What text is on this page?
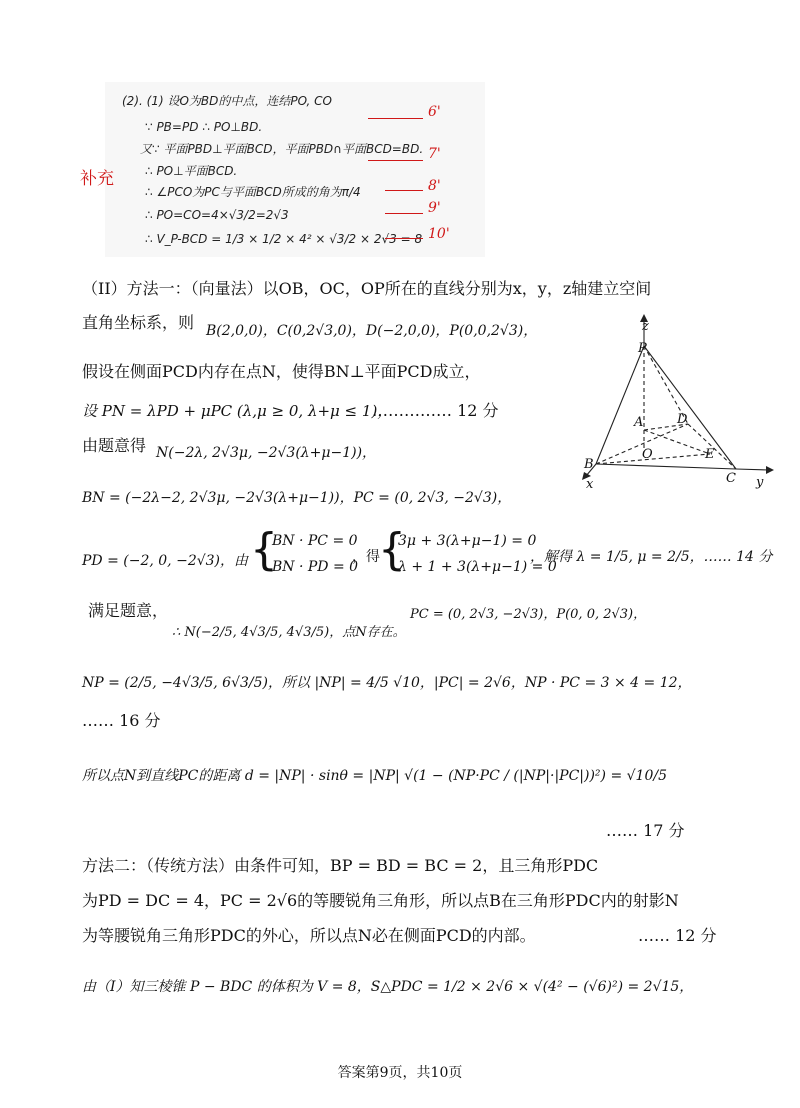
补充
(2). (1) 设O为BD的中点，连结PO, CO
∵ PB=PD ∴ PO⊥BD.
又∵ 平面PBD⊥平面BCD，平面PBD∩平面BCD=BD.
∴ PO⊥平面BCD.
∴ ∠PCO为PC与平面BCD所成的角为π/4
∴ PO=CO=4×√3/2=2√3
∴ V_P-BCD = 1/3 × 1/2 × 4² × √3/2 × 2√3 = 8
6'
7'
8'
9'
10'
（II）方法一：（向量法）以OB，OC，OP所在的直线分别为x，y，z轴建立空间
直角坐标系，则 B(2,0,0)，C(0,2√3,0)，D(−2,0,0)，P(0,0,2√3)，
假设在侧面PCD内存在点N，使得BN⊥平面PCD成立，
设 PN = λPD + μPC (λ,μ ≥ 0, λ+μ ≤ 1)，
…………… 12 分
由题意得 N(−2λ, 2√3μ, −2√3(λ+μ−1))，
BN = (−2λ−2, 2√3μ, −2√3(λ+μ−1))，PC = (0, 2√3, −2√3)，
PD = (−2, 0, −2√3)，由 {
BN · PC = 0
BN · PD = 0
，得
{
3μ + 3(λ+μ−1) = 0
λ + 1 + 3(λ+μ−1) = 0
，解得 λ = 1/5, μ = 2/5，…… 14 分
满足题意，
∴ N(−2/5, 4√3/5, 4√3/5)，点N存在。
PC = (0, 2√3, −2√3)，P(0, 0, 2√3)，
NP = (2/5, −4√3/5, 6√3/5)，所以 |NP| = 4/5 √10，|PC| = 2√6，NP · PC = 3 × 4 = 12，
…… 16 分
所以点N到直线PC的距离 d = |NP| · sinθ = |NP| √(1 − (NP·PC / (|NP|·|PC|))²) = √10/5
…… 17 分
方法二：（传统方法）由条件可知，BP = BD = BC = 2，且三角形PDC
为PD = DC = 4，PC = 2√6的等腰锐角三角形，所以点B在三角形PDC内的射影N
为等腰锐角三角形PDC的外心，所以点N必在侧面PCD的内部。	…… 12 分
由（I）知三棱锥 P − BDC 的体积为 V = 8，S△PDC = 1/2 × 2√6 × √(4² − (√6)²) = 2√15，
z
P
A	D
O	E
B
C
x	y
答案第9页，共10页
